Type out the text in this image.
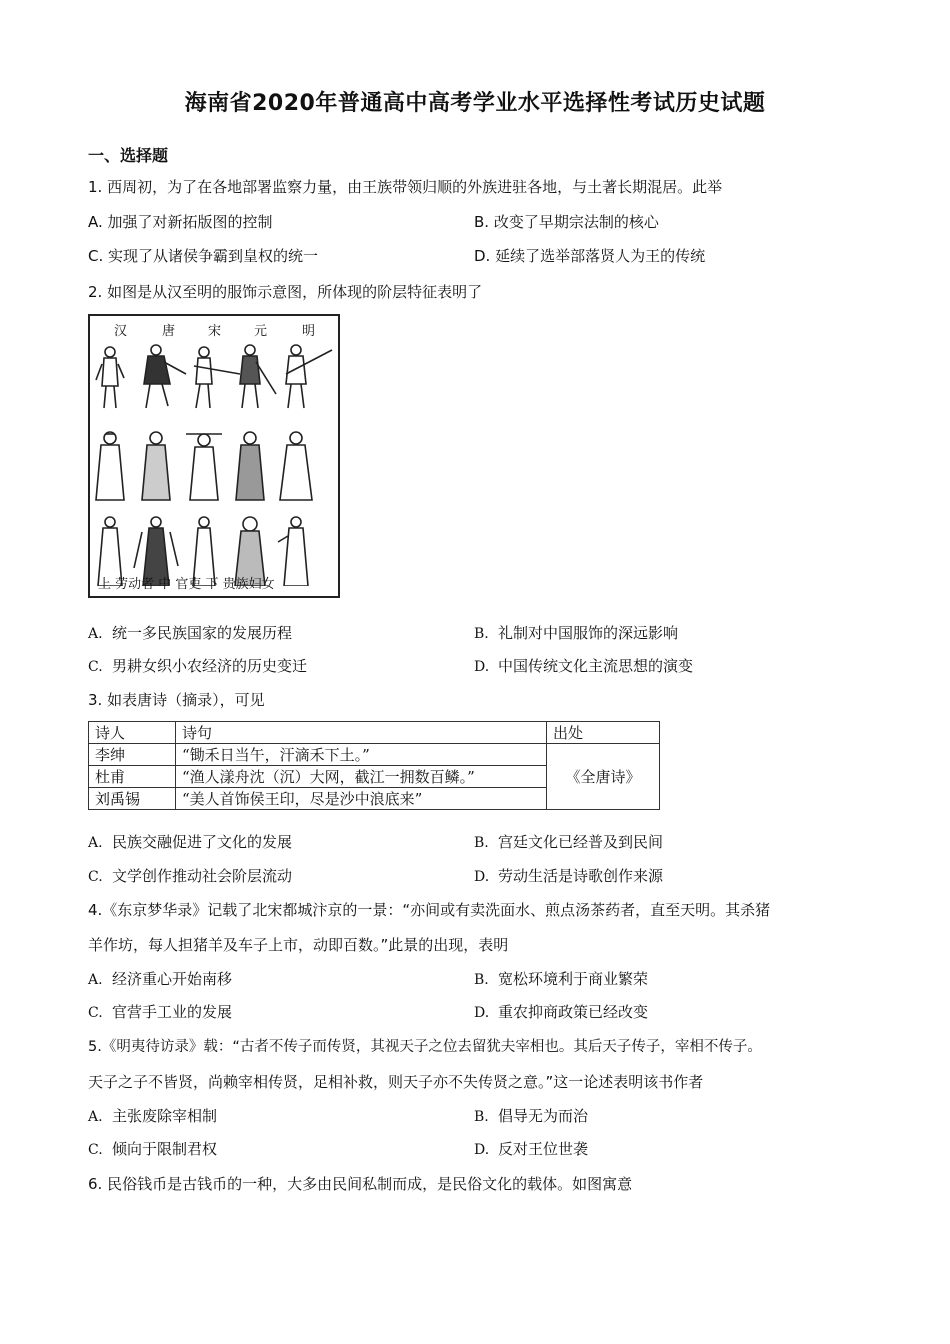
海南省2020年普通高中高考学业水平选择性考试历史试题
一、选择题
1. 西周初，为了在各地部署监察力量，由王族带领归顺的外族进驻各地，与土著长期混居。此举
A. 加强了对新拓版图的控制	B. 改变了早期宗法制的核心
C. 实现了从诸侯争霸到皇权的统一	D. 延续了选举部落贤人为王的传统
2. 如图是从汉至明的服饰示意图，所体现的阶层特征表明了
汉	唐	宋	元	明
上 劳动者 中 官吏 下 贵族妇女
A. 统一多民族国家的发展历程	B. 礼制对中国服饰的深远影响
C. 男耕女织小农经济的历史变迁	D. 中国传统文化主流思想的演变
3. 如表唐诗（摘录），可见
诗人	诗句	出处
李绅	“锄禾日当午，汗滴禾下土。”	《全唐诗》
杜甫	“渔人漾舟沈（沉）大网，截江一拥数百鳞。”	
刘禹锡	“美人首饰侯王印，尽是沙中浪底来”	
A. 民族交融促进了文化的发展	B. 宫廷文化已经普及到民间
C. 文学创作推动社会阶层流动	D. 劳动生活是诗歌创作来源
4.《东京梦华录》记载了北宋都城汴京的一景：“亦间或有卖洗面水、煎点汤茶药者，直至天明。其杀猪
羊作坊，每人担猪羊及车子上市，动即百数。”此景的出现，表明
A. 经济重心开始南移	B. 宽松环境利于商业繁荣
C. 官营手工业的发展	D. 重农抑商政策已经改变
5.《明夷待访录》载：“古者不传子而传贤，其视天子之位去留犹夫宰相也。其后天子传子，宰相不传子。
天子之子不皆贤，尚赖宰相传贤，足相补救，则天子亦不失传贤之意。”这一论述表明该书作者
A. 主张废除宰相制	B. 倡导无为而治
C. 倾向于限制君权	D. 反对王位世袭
6. 民俗钱币是古钱币的一种，大多由民间私制而成，是民俗文化的载体。如图寓意
